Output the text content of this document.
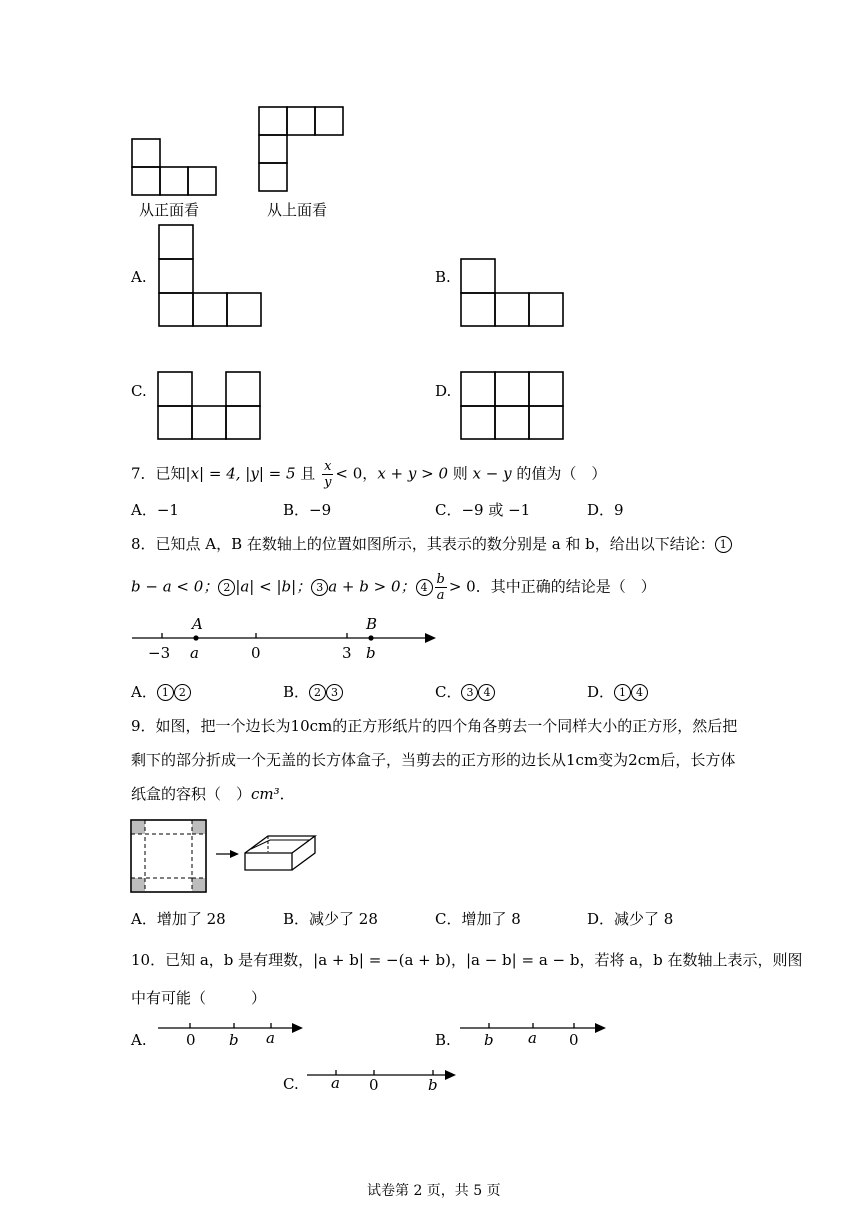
从正面看	从上面看
A.	B.
C.	D.
7．已知|x| = 4, |y| = 5 且 $\frac{x}{y} < 0$，x + y > 0 则 x − y 的值为（　）
A．−1	B．−9	C．−9 或 −1	D．9
8．已知点 A，B 在数轴上的位置如图所示，其表示的数分别是 a 和 b，给出以下结论： 1
b − a < 0； 2 |a| < |b|； 3 a + b > 0； $4 \frac{b}{a} > 0$．其中正确的结论是（　）
A	B
−3 a	0	3 b
A． 1 2	B． 2 3	C． 3 4	D． 1 4
9．如图，把一个边长为10cm的正方形纸片的四个角各剪去一个同样大小的正方形，然后把
剩下的部分折成一个无盖的长方体盒子，当剪去的正方形的边长从1cm变为2cm后，长方体
纸盒的容积（　）cm³．
A．增加了 28	B．减少了 28	C．增加了 8	D．减少了 8
10．已知 a，b 是有理数，|a + b| = −(a + b)，|a − b| = a − b，若将 a，b 在数轴上表示，则图
中有可能（　　　）
A.	0 b a	B. b a 0
C. a 0	b
试卷第 2 页，共 5 页
